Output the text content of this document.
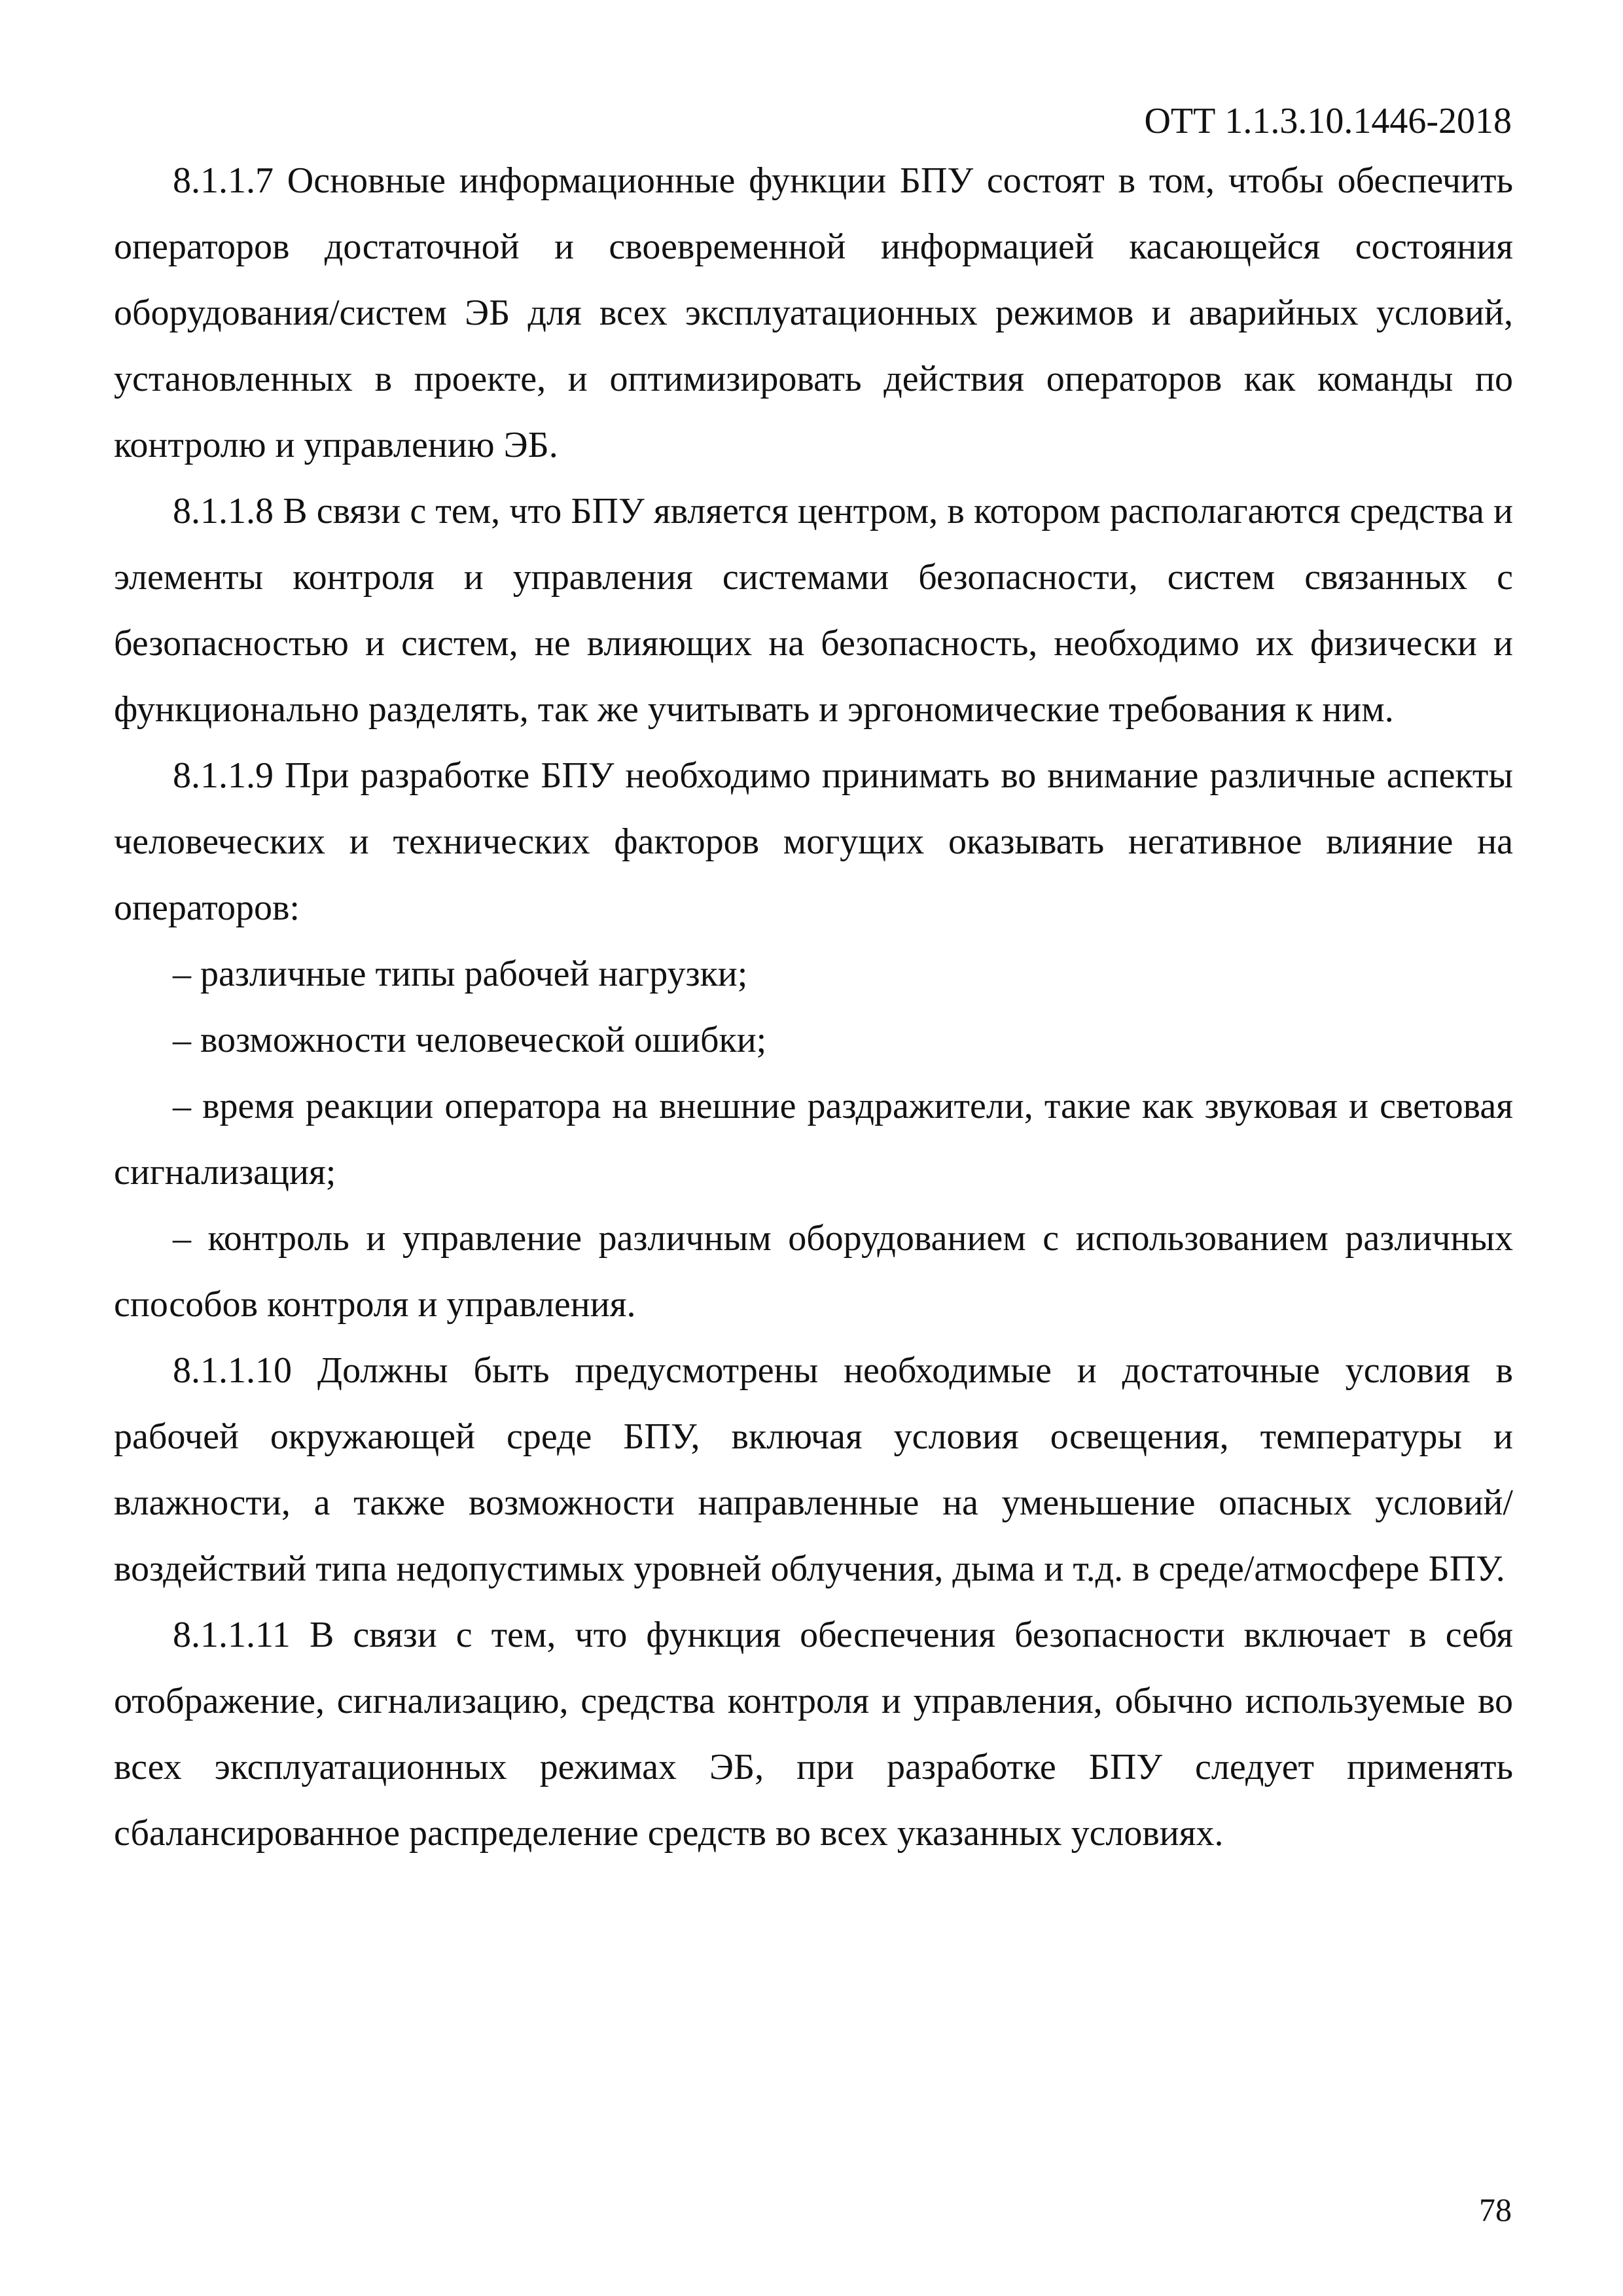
ОТТ 1.1.3.10.1446-2018

8.1.1.7 Основные информационные функции БПУ состоят в том, чтобы обеспечить операторов достаточной и своевременной информацией касающейся состояния оборудования/систем ЭБ для всех эксплуатационных режимов и аварийных условий, установленных в проекте, и оптимизировать действия операторов как команды по контролю и управлению ЭБ.

8.1.1.8 В связи с тем, что БПУ является центром, в котором располагаются средства и элементы контроля и управления системами безопасности, систем связанных с безопасностью и систем, не влияющих на безопасность, необходимо их физически и функционально разделять, так же учитывать и эргономические требования к ним.

8.1.1.9 При разработке БПУ необходимо принимать во внимание различные аспекты человеческих и технических факторов могущих оказывать негативное влияние на операторов:

– различные типы рабочей нагрузки;

– возможности человеческой ошибки;

– время реакции оператора на внешние раздражители, такие как звуковая и световая сигнализация;

– контроль и управление различным оборудованием с использованием различных способов контроля и управления.

8.1.1.10 Должны быть предусмотрены необходимые и достаточные условия в рабочей окружающей среде БПУ, включая условия освещения, температуры и влажности, а также возможности направленные на уменьшение опасных условий/воздействий типа недопустимых уровней облучения, дыма и т.д. в среде/атмосфере БПУ.

8.1.1.11 В связи с тем, что функция обеспечения безопасности включает в себя отображение, сигнализацию, средства контроля и управления, обычно используемые во всех эксплуатационных режимах ЭБ, при разработке БПУ следует применять сбалансированное распределение средств во всех указанных условиях.

78
